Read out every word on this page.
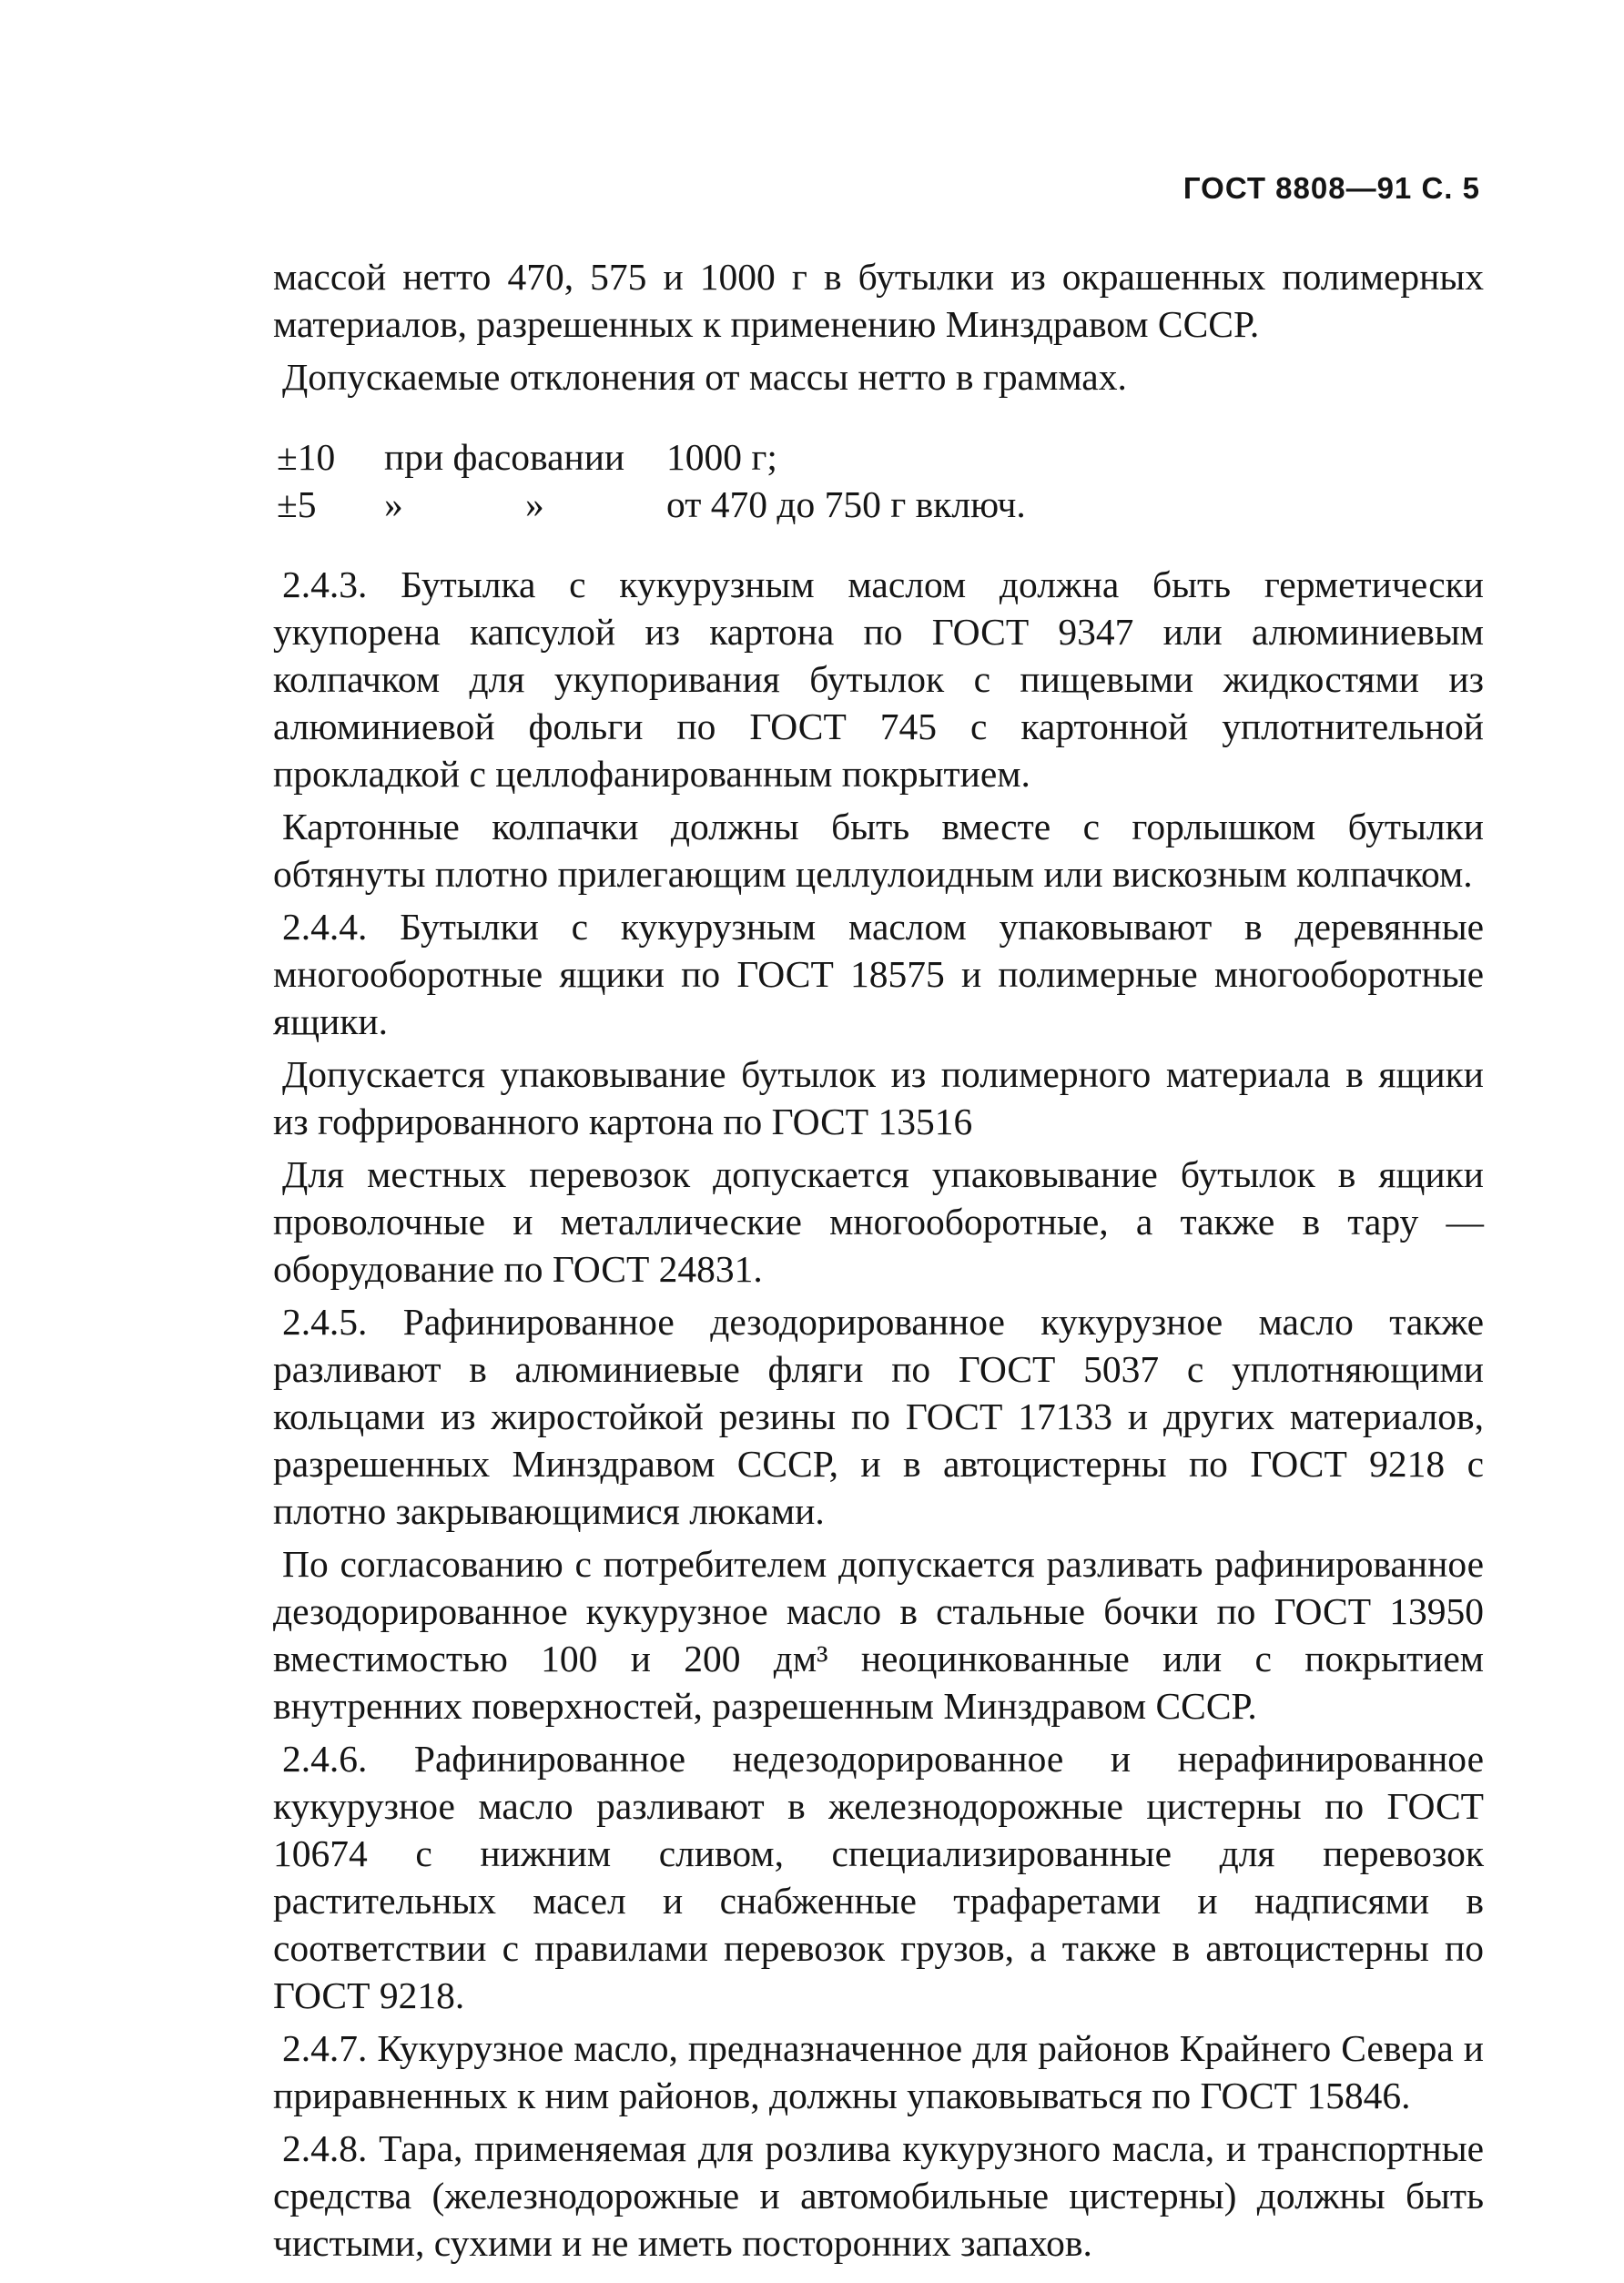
ГОСТ 8808—91 С. 5

массой нетто 470, 575 и 1000 г в бутылки из окрашенных полимерных материалов, разрешенных к применению Минздравом СССР.

Допускаемые отклонения от массы нетто в граммах.

±10	при фасовании	1000 г;
±5	»	»	от 470 до 750 г включ.

2.4.3. Бутылка с кукурузным маслом должна быть герметически укупорена капсулой из картона по ГОСТ 9347 или алюминиевым колпачком для укупоривания бутылок с пищевыми жидкостями из алюминиевой фольги по ГОСТ 745 с картонной уплотнительной прокладкой с целлофанированным покрытием.

Картонные колпачки должны быть вместе с горлышком бутылки обтянуты плотно прилегающим целлулоидным или вискозным колпачком.

2.4.4. Бутылки с кукурузным маслом упаковывают в деревянные многооборотные ящики по ГОСТ 18575 и полимерные многооборотные ящики.

Допускается упаковывание бутылок из полимерного материала в ящики из гофрированного картона по ГОСТ 13516

Для местных перевозок допускается упаковывание бутылок в ящики проволочные и металлические многооборотные, а также в тару — оборудование по ГОСТ 24831.

2.4.5. Рафинированное дезодорированное кукурузное масло также разливают в алюминиевые фляги по ГОСТ 5037 с уплотняющими кольцами из жиростойкой резины по ГОСТ 17133 и других материалов, разрешенных Минздравом СССР, и в автоцистерны по ГОСТ 9218 с плотно закрывающимися люками.

По согласованию с потребителем допускается разливать рафинированное дезодорированное кукурузное масло в стальные бочки по ГОСТ 13950 вместимостью 100 и 200 дм³ неоцинкованные или с покрытием внутренних поверхностей, разрешенным Минздравом СССР.

2.4.6. Рафинированное недезодорированное и нерафинированное кукурузное масло разливают в железнодорожные цистерны по ГОСТ 10674 с нижним сливом, специализированные для перевозок растительных масел и снабженные трафаретами и надписями в соответствии с правилами перевозок грузов, а также в автоцистерны по ГОСТ 9218.

2.4.7. Кукурузное масло, предназначенное для районов Крайнего Севера и приравненных к ним районов, должны упаковываться по ГОСТ 15846.

2.4.8. Тара, применяемая для розлива кукурузного масла, и транспортные средства (железнодорожные и автомобильные цистерны) должны быть чистыми, сухими и не иметь посторонних запахов.
